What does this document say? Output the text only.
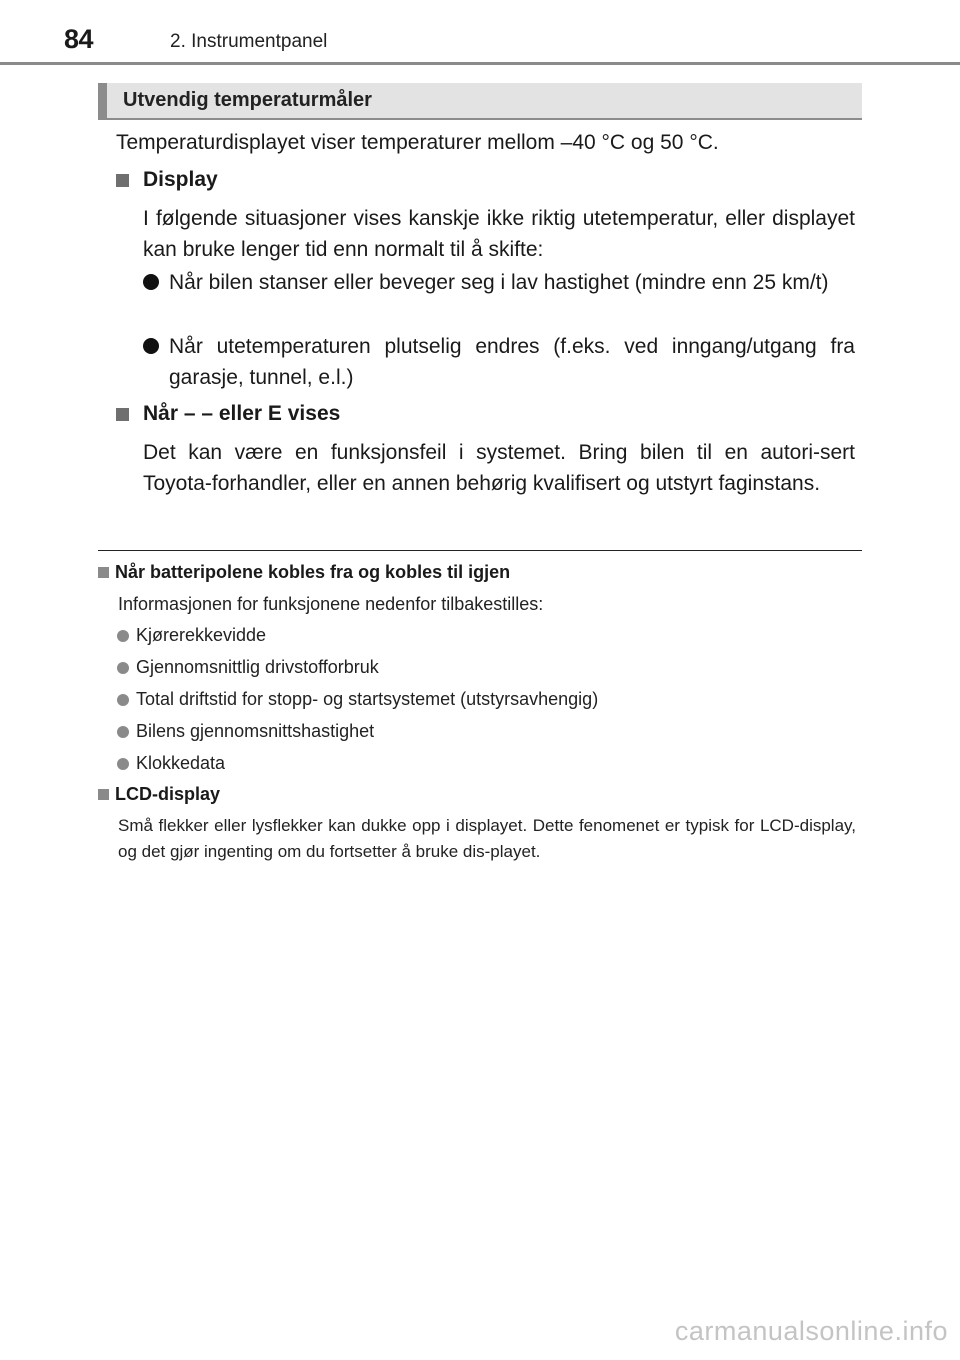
84	2. Instrumentpanel
Utvendig temperaturmåler

Temperaturdisplayet viser temperaturer mellom –40 °C og 50 °C.

Display

I følgende situasjoner vises kanskje ikke riktig utetemperatur, eller displayet kan bruke lenger tid enn normalt til å skifte:

Når bilen stanser eller beveger seg i lav hastighet (mindre enn 25 km/t)
Når utetemperaturen plutselig endres (f.eks. ved inngang/utgang fra garasje, tunnel, e.l.)
Når – – eller E vises

Det kan være en funksjonsfeil i systemet. Bring bilen til en autori-sert Toyota-forhandler, eller en annen behørig kvalifisert og utstyrt faginstans.

Når batteripolene kobles fra og kobles til igjen

Informasjonen for funksjonene nedenfor tilbakestilles:

Kjørerekkevidde
Gjennomsnittlig drivstofforbruk
Total driftstid for stopp- og startsystemet (utstyrsavhengig)
Bilens gjennomsnittshastighet
Klokkedata
LCD-display

Små flekker eller lysflekker kan dukke opp i displayet. Dette fenomenet er typisk for LCD-display, og det gjør ingenting om du fortsetter å bruke dis-playet.

carmanualsonline.info
